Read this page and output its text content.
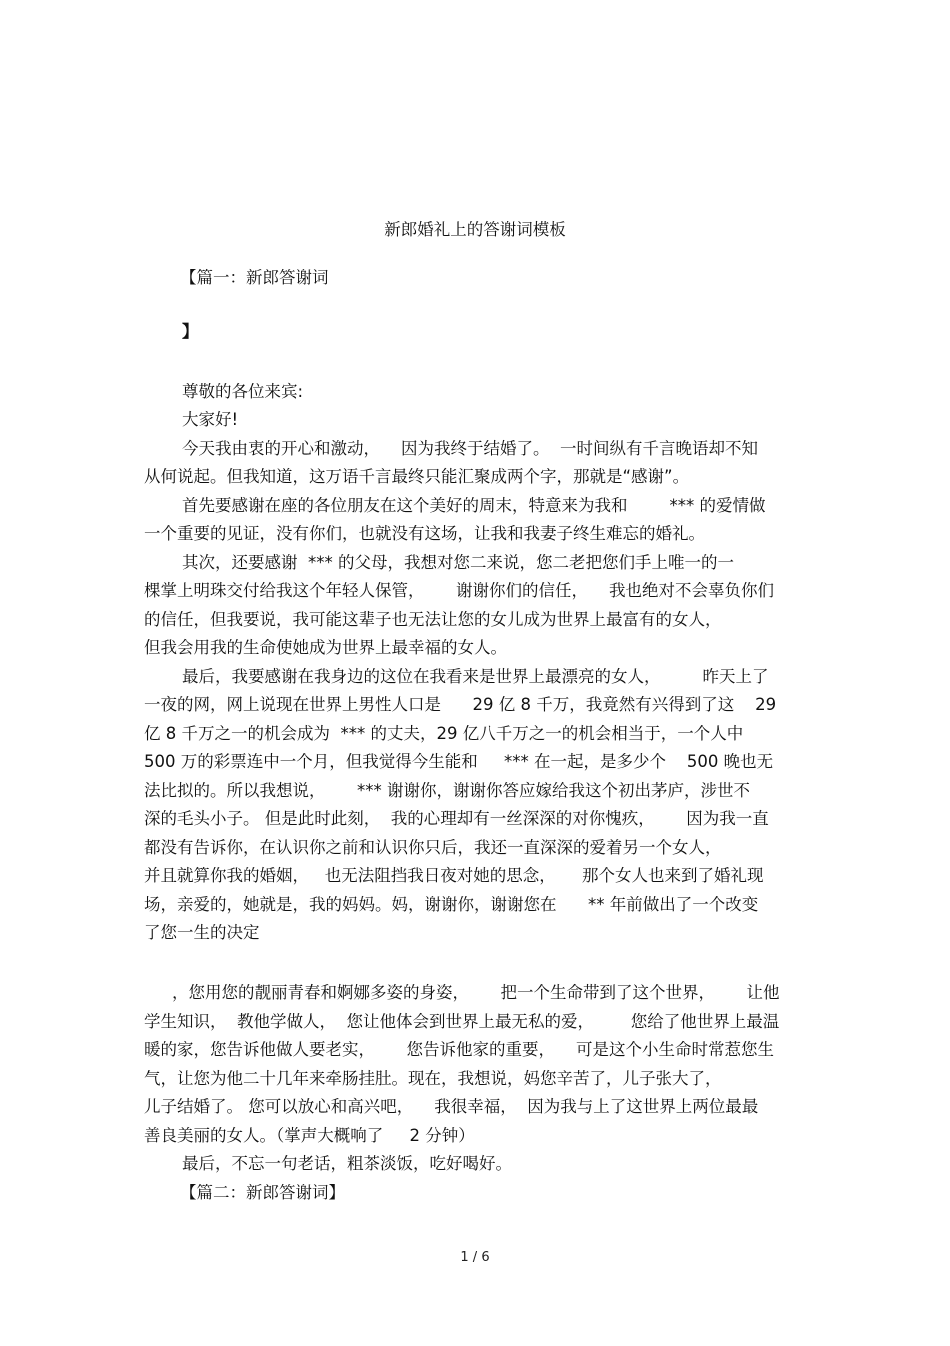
新郎婚礼上的答谢词模板
【篇一：新郎答谢词
】
尊敬的各位来宾:
大家好!
今天我由衷的开心和激动，    因为我终于结婚了。  一时间纵有千言晚语却不知
从何说起。但我知道，这万语千言最终只能汇聚成两个字，那就是“感谢”。
首先要感谢在座的各位朋友在这个美好的周末，特意来为我和        *** 的爱情做
一个重要的见证，没有你们，也就没有这场，让我和我妻子终生难忘的婚礼。
其次，还要感谢  *** 的父母，我想对您二来说，您二老把您们手上唯一的一
棵掌上明珠交付给我这个年轻人保管，      谢谢你们的信任，    我也绝对不会辜负你们
的信任，但我要说，我可能这辈子也无法让您的女儿成为世界上最富有的女人，
但我会用我的生命使她成为世界上最幸福的女人。
最后，我要感谢在我身边的这位在我看来是世界上最漂亮的女人，        昨天上了
一夜的网，网上说现在世界上男性人口是      29 亿 8 千万，我竟然有兴得到了这    29
亿 8 千万之一的机会成为  *** 的丈夫，29 亿八千万之一的机会相当于，一个人中
500 万的彩票连中一个月，但我觉得今生能和     *** 在一起，是多少个    500 晚也无
法比拟的。所以我想说，      *** 谢谢你，谢谢你答应嫁给我这个初出茅庐，涉世不
深的毛头小子。 但是此时此刻，  我的心理却有一丝深深的对你愧疚，      因为我一直
都没有告诉你，在认识你之前和认识你只后，我还一直深深的爱着另一个女人，
并且就算你我的婚姻，   也无法阻挡我日夜对她的思念，     那个女人也来到了婚礼现
场，亲爱的，她就是，我的妈妈。妈，谢谢你，谢谢您在      ** 年前做出了一个改变
了您一生的决定
，您用您的靓丽青春和婀娜多姿的身姿，      把一个生命带到了这个世界，      让他
学生知识，  教他学做人，  您让他体会到世界上最无私的爱，       您给了他世界上最温
暖的家，您告诉他做人要老实，      您告诉他家的重要，    可是这个小生命时常惹您生
气，让您为他二十几年来牵肠挂肚。现在，我想说，妈您辛苦了，儿子张大了，
儿子结婚了。 您可以放心和高兴吧，    我很幸福，  因为我与上了这世界上两位最最
善良美丽的女人。（掌声大概响了     2 分钟）
最后，不忘一句老话，粗茶淡饭，吃好喝好。
【篇二：新郎答谢词】
1 / 6
